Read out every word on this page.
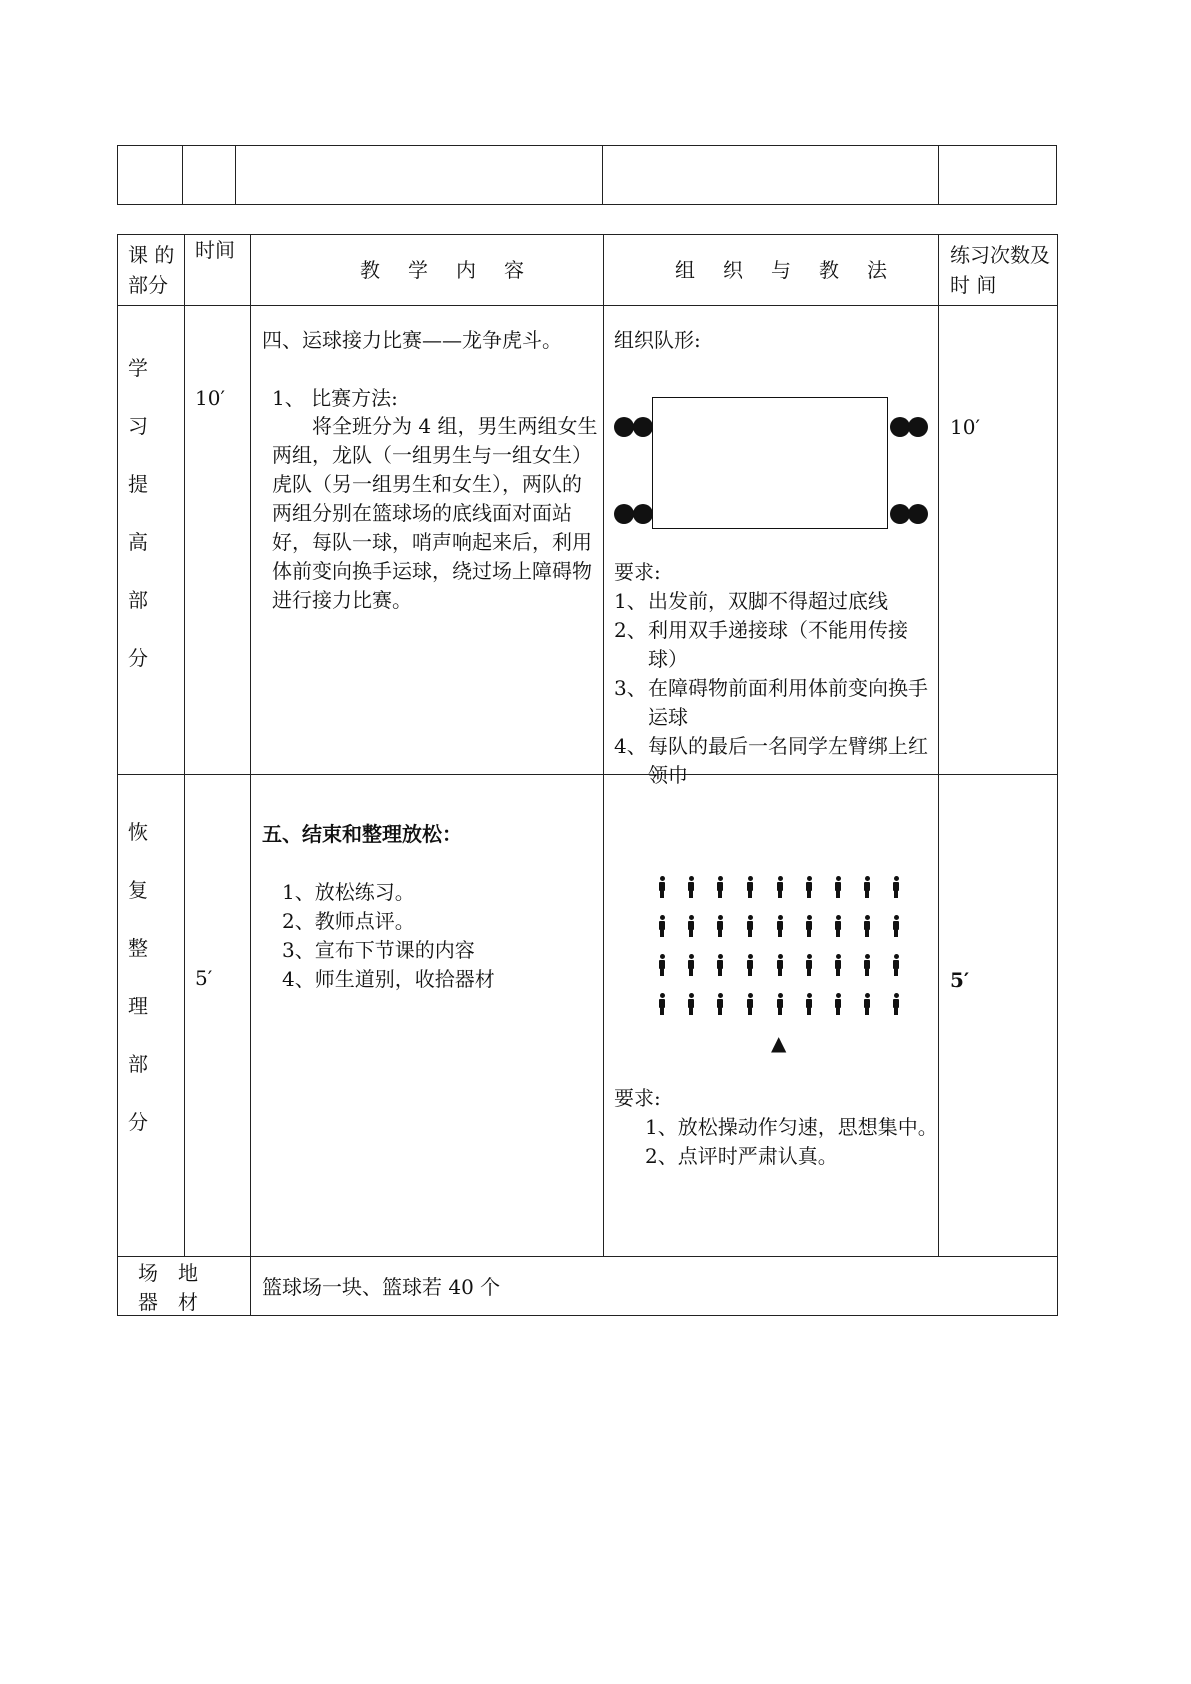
课 的
部分
时间
教　学　内　容	组　织　与　教　法
练习次数及
时 间
学
习
提
高
部
分
10′
四、运球接力比赛——龙争虎斗。
1、 比赛方法:
将全班分为 4 组，男生两组女生
两组，龙队（一组男生与一组女生）
虎队（另一组男生和女生），两队的
两组分别在篮球场的底线面对面站
好，每队一球，哨声响起来后，利用
体前变向换手运球，绕过场上障碍物
进行接力比赛。
组织队形:
要求:
1、 出发前，双脚不得超过底线
2、 利用双手递接球（不能用传接
球）
3、 在障碍物前面利用体前变向换手
运球
4、 每队的最后一名同学左臂绑上红
领巾
10′
恢
复
整
理
部
分
5′
五、结束和整理放松：
1、放松练习。
2、教师点评。
3、宣布下节课的内容
4、师生道别，收拾器材
▲
要求:
1、放松操动作匀速，思想集中。
2、点评时严肃认真。
5′
场　地
器　材
篮球场一块、篮球若 40 个
